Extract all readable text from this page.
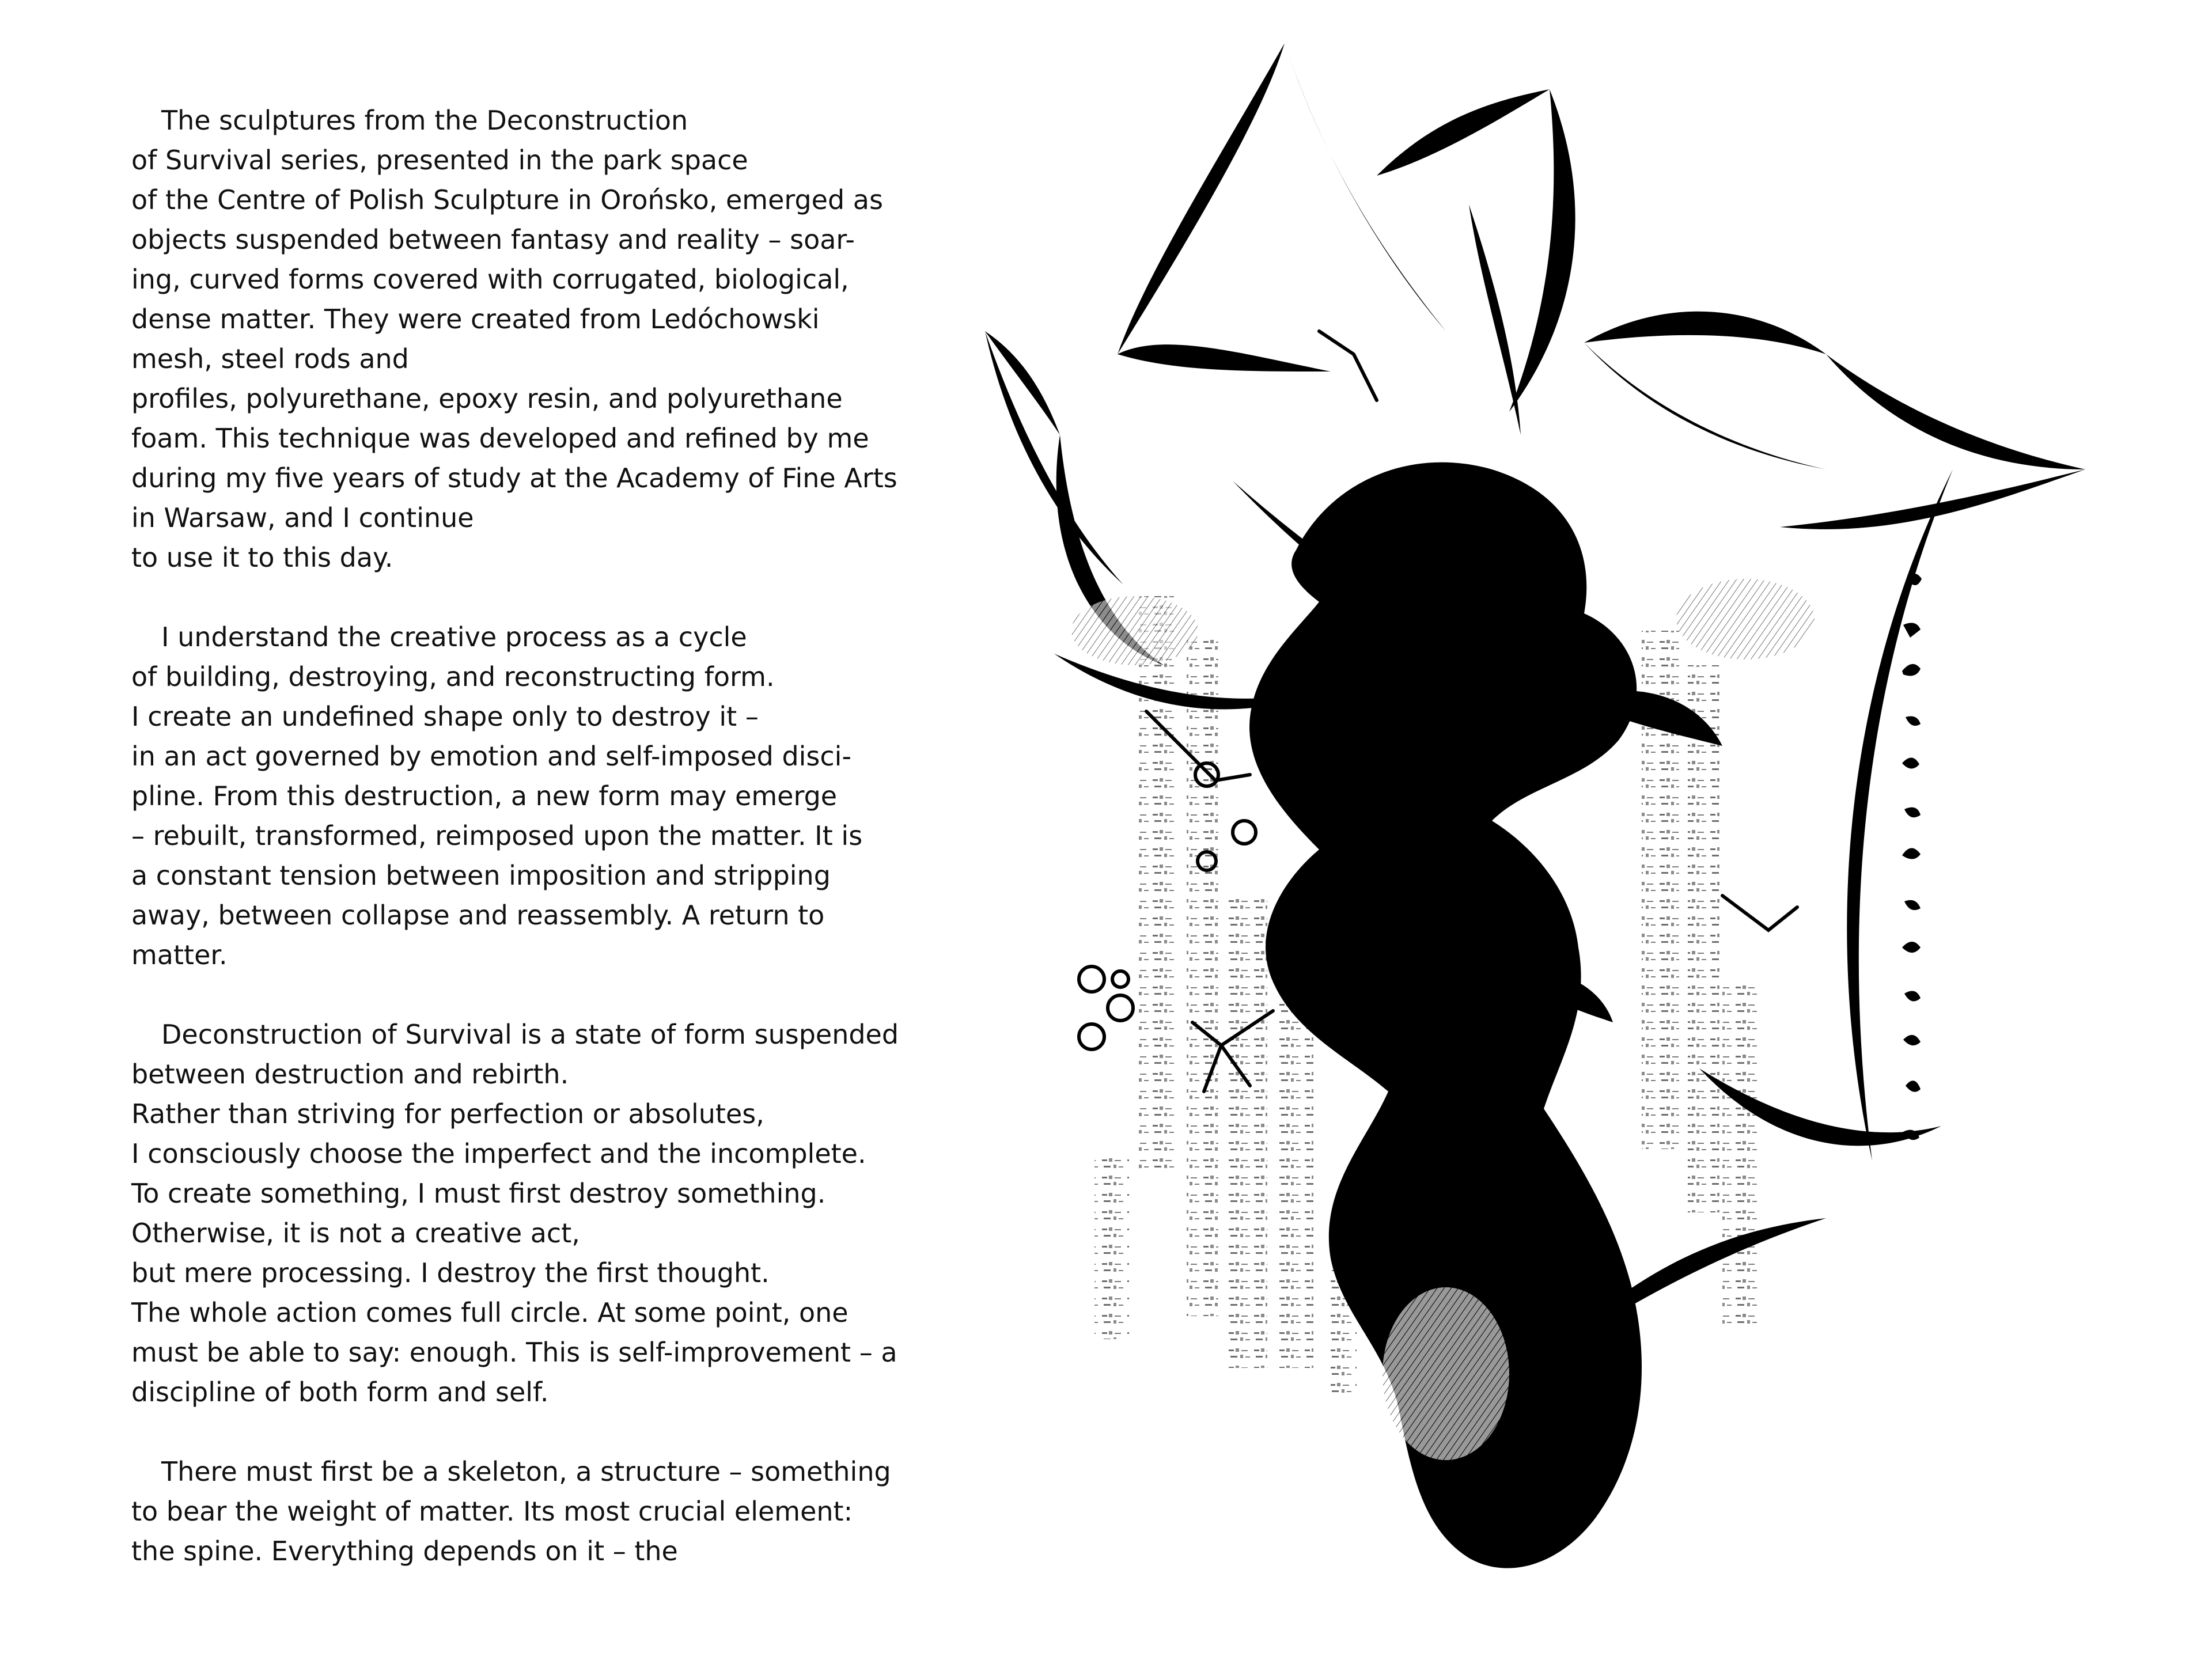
The sculptures from the Deconstruction
of Survival series, presented in the park space
of the Centre of Polish Sculpture in Orońsko, emerged as
objects suspended between fantasy and reality – soar-
ing, curved forms covered with corrugated, biological,
dense matter. They were created from Ledóchowski
mesh, steel rods and
profiles, polyurethane, epoxy resin, and polyurethane
foam. This technique was developed and refined by me
during my five years of study at the Academy of Fine Arts
in Warsaw, and I continue
to use it to this day.

I understand the creative process as a cycle
of building, destroying, and reconstructing form.
I create an undefined shape only to destroy it –
in an act governed by emotion and self-imposed disci-
pline. From this destruction, a new form may emerge
– rebuilt, transformed, reimposed upon the matter. It is
a constant tension between imposition and stripping
away, between collapse and reassembly. A return to
matter.

Deconstruction of Survival is a state of form suspended
between destruction and rebirth.
Rather than striving for perfection or absolutes,
I consciously choose the imperfect and the incomplete.
To create something, I must first destroy something.
Otherwise, it is not a creative act,
but mere processing. I destroy the first thought.
The whole action comes full circle. At some point, one
must be able to say: enough. This is self-improvement – a
discipline of both form and self.

There must first be a skeleton, a structure – something
to bear the weight of matter. Its most crucial element:
the spine. Everything depends on it – the
